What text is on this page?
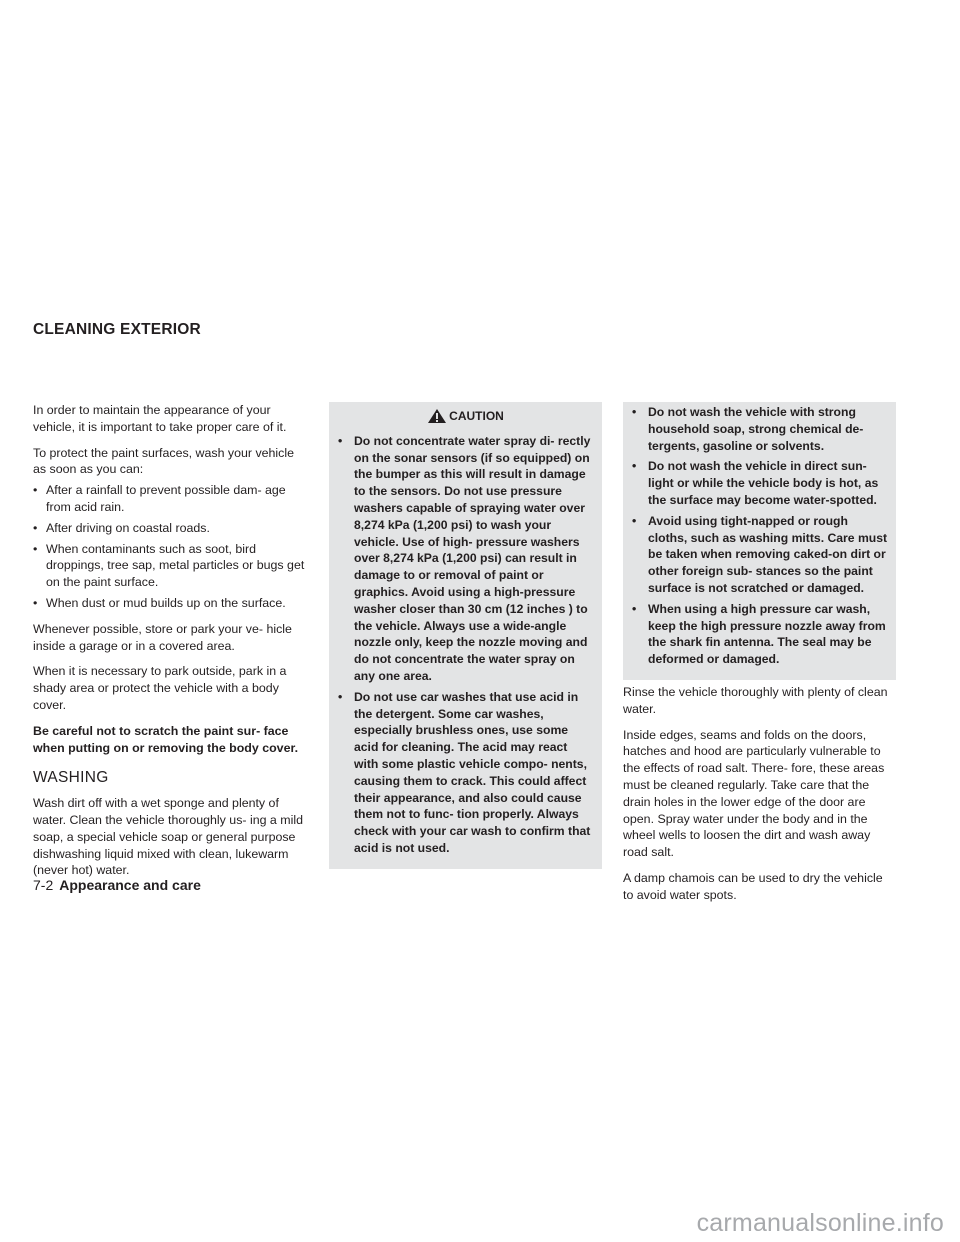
CLEANING EXTERIOR

In order to maintain the appearance of your vehicle, it is important to take proper care of it.

To protect the paint surfaces, wash your vehicle as soon as you can:

• After a rainfall to prevent possible dam- age from acid rain.
• After driving on coastal roads.
• When contaminants such as soot, bird droppings, tree sap, metal particles or bugs get on the paint surface.
• When dust or mud builds up on the surface.

Whenever possible, store or park your ve- hicle inside a garage or in a covered area.

When it is necessary to park outside, park in a shady area or protect the vehicle with a body cover.

Be careful not to scratch the paint sur- face when putting on or removing the body cover.

WASHING

Wash dirt off with a wet sponge and plenty of water. Clean the vehicle thoroughly us- ing a mild soap, a special vehicle soap or general purpose dishwashing liquid mixed with clean, lukewarm (never hot) water.

CAUTION
• Do not concentrate water spray di- rectly on the sonar sensors (if so equipped) on the bumper as this will result in damage to the sensors. Do not use pressure washers capable of spraying water over 8,274 kPa (1,200 psi) to wash your vehicle. Use of high- pressure washers over 8,274 kPa (1,200 psi) can result in damage to or removal of paint or graphics. Avoid using a high-pressure washer closer than 30 cm (12 inches ) to the vehicle. Always use a wide-angle nozzle only, keep the nozzle moving and do not concentrate the water spray on any one area.
• Do not use car washes that use acid in the detergent. Some car washes, especially brushless ones, use some acid for cleaning. The acid may react with some plastic vehicle compo- nents, causing them to crack. This could affect their appearance, and also could cause them not to func- tion properly. Always check with your car wash to confirm that acid is not used.
• Do not wash the vehicle with strong household soap, strong chemical de- tergents, gasoline or solvents.
• Do not wash the vehicle in direct sun- light or while the vehicle body is hot, as the surface may become water-spotted.
• Avoid using tight-napped or rough cloths, such as washing mitts. Care must be taken when removing caked-on dirt or other foreign sub- stances so the paint surface is not scratched or damaged.
• When using a high pressure car wash, keep the high pressure nozzle away from the shark fin antenna. The seal may be deformed or damaged.

Rinse the vehicle thoroughly with plenty of clean water.

Inside edges, seams and folds on the doors, hatches and hood are particularly vulnerable to the effects of road salt. There- fore, these areas must be cleaned regularly. Take care that the drain holes in the lower edge of the door are open. Spray water under the body and in the wheel wells to loosen the dirt and wash away road salt.

A damp chamois can be used to dry the vehicle to avoid water spots.

7-2 Appearance and care
carmanualsonline.info
